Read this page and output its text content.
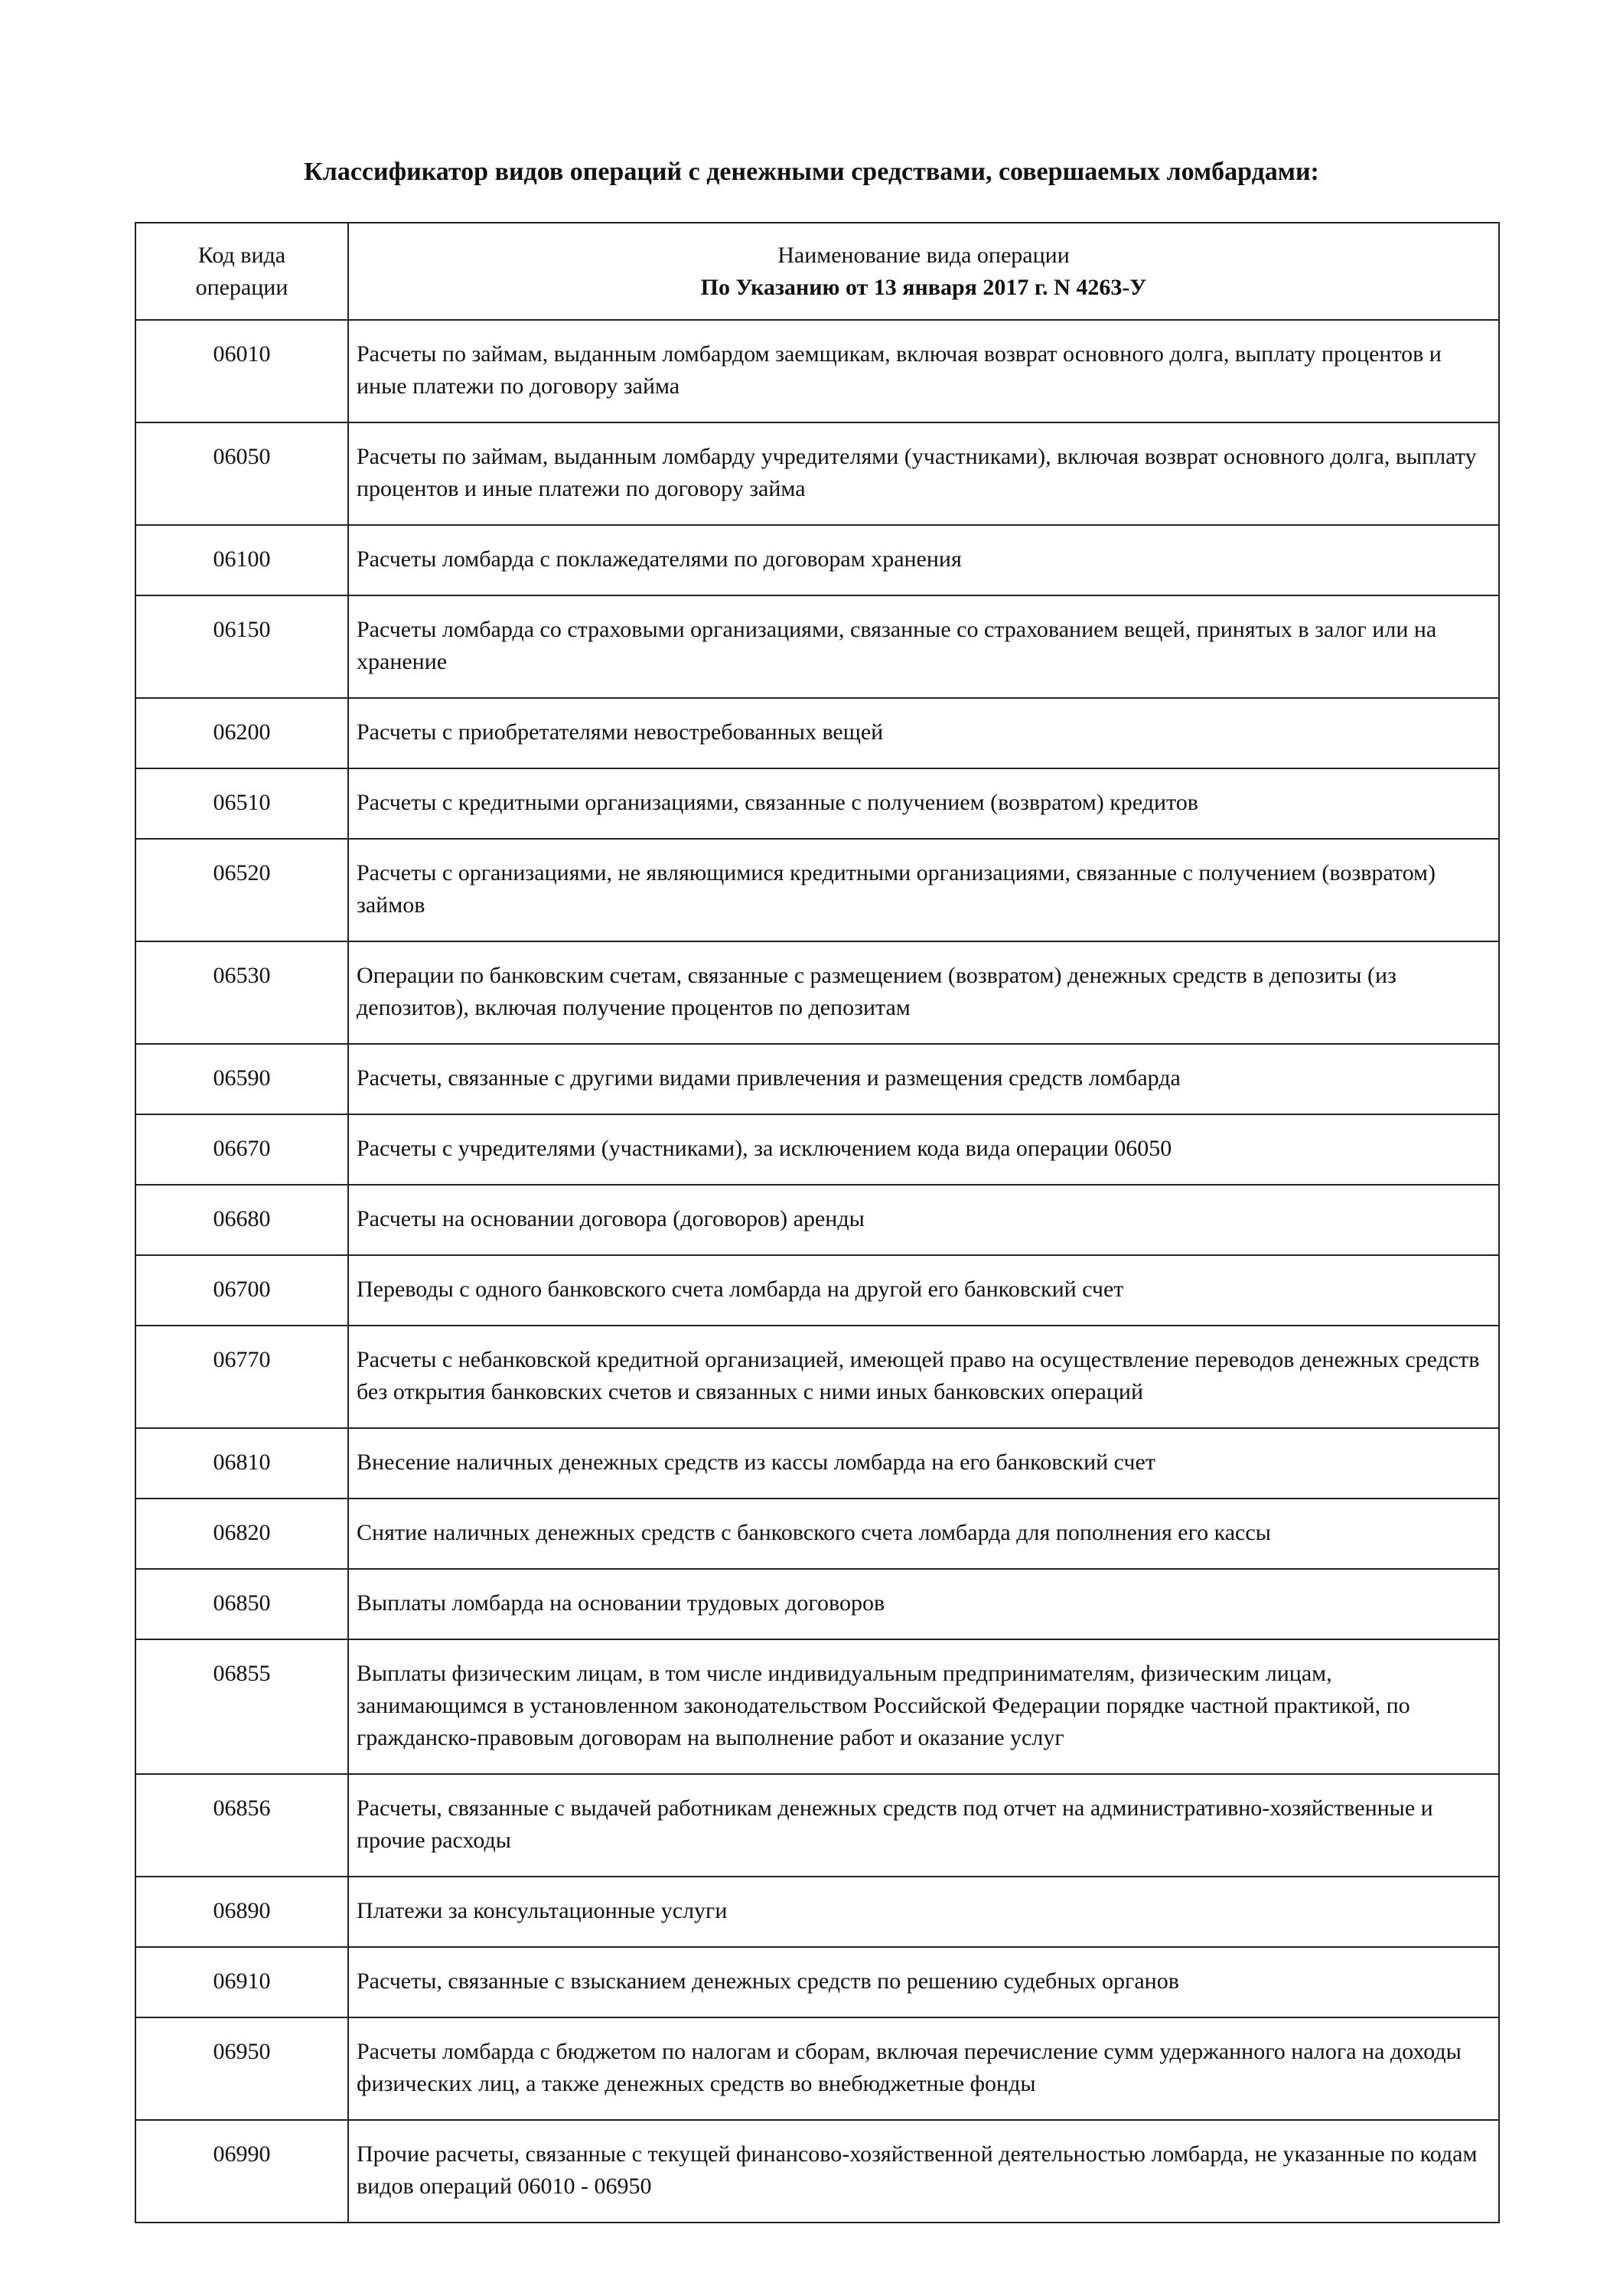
Классификатор видов операций с денежными средствами, совершаемых ломбардами:
Код вида
операции	Наименование вида операции
По Указанию от 13 января 2017 г. N 4263-У

06010	Расчеты по займам, выданным ломбардом заемщикам, включая возврат основного долга, выплату процентов и иные платежи по договору займа
06050	Расчеты по займам, выданным ломбарду учредителями (участниками), включая возврат основного долга, выплату процентов и иные платежи по договору займа
06100	Расчеты ломбарда с поклажедателями по договорам хранения
06150	Расчеты ломбарда со страховыми организациями, связанные со страхованием вещей, принятых в залог или на хранение
06200	Расчеты с приобретателями невостребованных вещей
06510	Расчеты с кредитными организациями, связанные с получением (возвратом) кредитов
06520	Расчеты с организациями, не являющимися кредитными организациями, связанные с получением (возвратом) займов
06530	Операции по банковским счетам, связанные с размещением (возвратом) денежных средств в депозиты (из депозитов), включая получение процентов по депозитам
06590	Расчеты, связанные с другими видами привлечения и размещения средств ломбарда
06670	Расчеты с учредителями (участниками), за исключением кода вида операции 06050
06680	Расчеты на основании договора (договоров) аренды
06700	Переводы с одного банковского счета ломбарда на другой его банковский счет
06770	Расчеты с небанковской кредитной организацией, имеющей право на осуществление переводов денежных средств без открытия банковских счетов и связанных с ними иных банковских операций
06810	Внесение наличных денежных средств из кассы ломбарда на его банковский счет
06820	Снятие наличных денежных средств с банковского счета ломбарда для пополнения его кассы
06850	Выплаты ломбарда на основании трудовых договоров
06855	Выплаты физическим лицам, в том числе индивидуальным предпринимателям, физическим лицам, занимающимся в установленном законодательством Российской Федерации порядке частной практикой, по гражданско-правовым договорам на выполнение работ и оказание услуг
06856	Расчеты, связанные с выдачей работникам денежных средств под отчет на административно-хозяйственные и прочие расходы
06890	Платежи за консультационные услуги
06910	Расчеты, связанные с взысканием денежных средств по решению судебных органов
06950	Расчеты ломбарда с бюджетом по налогам и сборам, включая перечисление сумм удержанного налога на доходы физических лиц, а также денежных средств во внебюджетные фонды
06990	Прочие расчеты, связанные с текущей финансово-хозяйственной деятельностью ломбарда, не указанные по кодам видов операций 06010 - 06950
